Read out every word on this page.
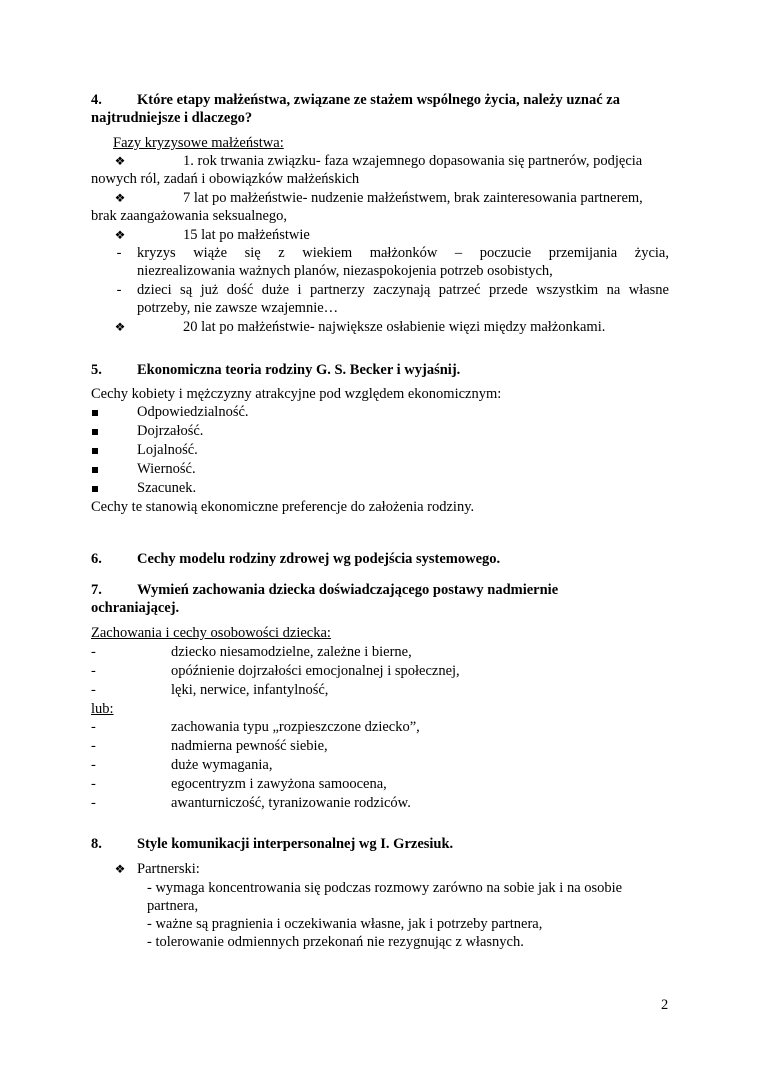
4. Które etapy małżeństwa, związane ze stażem wspólnego życia, należy uznać za
najtrudniejsze i dlaczego?
Fazy kryzysowe małżeństwa:
❖	1. rok trwania związku- faza wzajemnego dopasowania się partnerów, podjęcia
nowych ról, zadań i obowiązków małżeńskich
❖	7 lat po małżeństwie- nudzenie małżeństwem, brak zainteresowania partnerem,
brak zaangażowania seksualnego,
❖	15 lat po małżeństwie
-	kryzys wiąże się z wiekiem małżonków – poczucie przemijania życia,
niezrealizowania ważnych planów, niezaspokojenia potrzeb osobistych,
-	dzieci są już dość duże i partnerzy zaczynają patrzeć przede wszystkim na własne
potrzeby, nie zawsze wzajemnie…
❖	20 lat po małżeństwie- największe osłabienie więzi między małżonkami.
5. Ekonomiczna teoria rodziny G. S. Becker i wyjaśnij.
Cechy kobiety i mężczyzny atrakcyjne pod względem ekonomicznym:
Odpowiedzialność.
Dojrzałość.
Lojalność.
Wierność.
Szacunek.
Cechy te stanowią ekonomiczne preferencje do założenia rodziny.
6. Cechy modelu rodziny zdrowej wg podejścia systemowego.
7. Wymień zachowania dziecka doświadczającego postawy nadmiernie
ochraniającej.
Zachowania i cechy osobowości dziecka:
-	dziecko niesamodzielne, zależne i bierne,
-	opóźnienie dojrzałości emocjonalnej i społecznej,
-	lęki, nerwice, infantylność,
lub:
-	zachowania typu „rozpieszczone dziecko”,
-	nadmierna pewność siebie,
-	duże wymagania,
-	egocentryzm i zawyżona samoocena,
-	awanturniczość, tyranizowanie rodziców.
8. Style komunikacji interpersonalnej wg I. Grzesiuk.
❖ Partnerski:
- wymaga koncentrowania się podczas rozmowy zarówno na sobie jak i na osobie
partnera,
- ważne są pragnienia i oczekiwania własne, jak i potrzeby partnera,
- tolerowanie odmiennych przekonań nie rezygnując z własnych.
2
